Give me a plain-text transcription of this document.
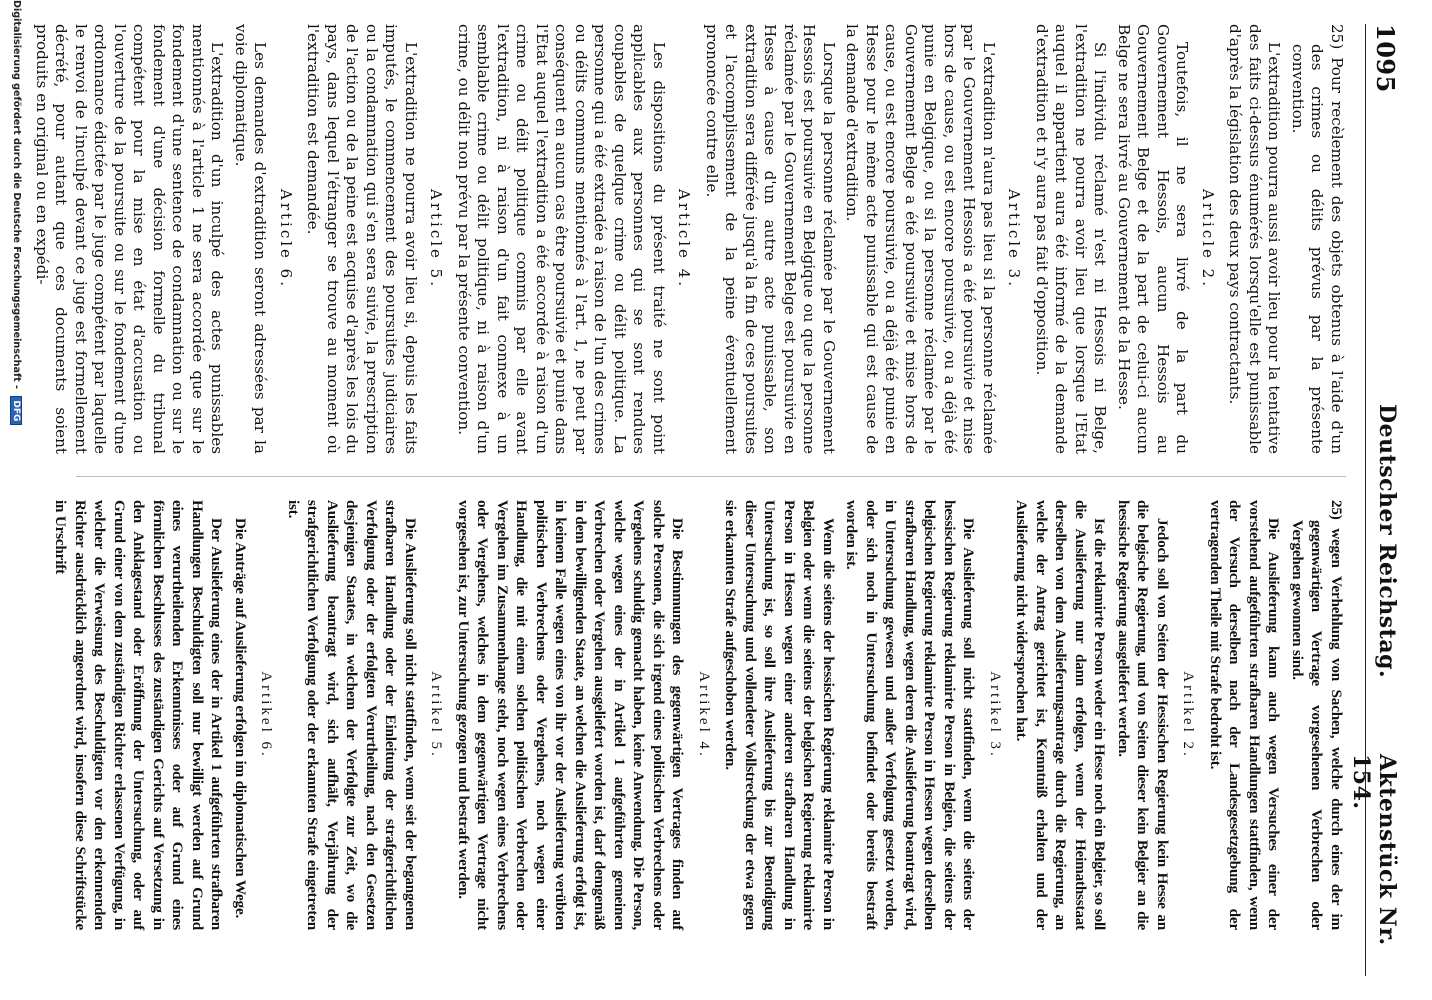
1095
Deutscher Reichstag.
Aktenstück Nr. 154.

25) Pour recèlement des objets obtenus à l'aide d'un des crimes ou délits prévus par la présente convention.

L'extradition pourra aussi avoir lieu pour la tentative des faits ci-dessus énumérés lorsqu'elle est punissable d'après la législation des deux pays contractants.

Article 2.

Toutefois, il ne sera livré de la part du Gouvernement Hessois, aucun Hessois au Gouvernement Belge et de la part de celui-ci aucun Belge ne sera livré au Gouvernement de la Hesse.

Si l'individu réclamé n'est ni Hessois ni Belge, l'extradition ne pourra avoir lieu que lorsque l'Etat auquel il appartient aura été informé de la demande d'extradition et n'y aura pas fait d'opposition.

Article 3.

L'extradition n'aura pas lieu si la personne réclamée par le Gouvernement Hessois a été poursuivie et mise hors de cause, ou est encore poursuivie, ou a déjà été punie en Belgique, ou si la personne réclamée par le Gouvernement Belge a été poursuivie et mise hors de cause, ou est encore poursuivie, ou a déjà été punie en Hesse pour le même acte punissable qui est cause de la demande d'extradition.

Lorsque la personne réclamée par le Gouvernement Hessois est poursuivie en Belgique ou que la personne réclamée par le Gouvernement Belge est poursuivie en Hesse à cause d'un autre acte punissable, son extradition sera différée jusqu'à la fin de ces poursuites et l'accomplissement de la peine éventuellement prononcée contre elle.

Article 4.

Les dispositions du présent traité ne sont point applicables aux personnes qui se sont rendues coupables de quelque crime ou délit politique. La personne qui a été extradée à raison de l'un des crimes ou délits communs mentionnés à l'art. 1, ne peut par conséquent en aucun cas être poursuivie et punie dans l'Etat auquel l'extradition a été accordée à raison d'un crime ou délit politique commis par elle avant l'extradition, ni à raison d'un fait connexe à un semblable crime ou délit politique, ni à raison d'un crime, ou délit non prévu par la présente convention.

Article 5.

L'extradition ne pourra avoir lieu si, depuis les faits imputés, le commencement des poursuites judiciaires ou la condamnation qui s'en sera suivie, la prescription de l'action ou de la peine est acquise d'après les lois du pays, dans lequel l'étranger se trouve au moment où l'extradition est demandée.

Article 6.

Les demandes d'extradition seront adressées par la voie diplomatique.

L'extradition d'un inculpé des actes punissables mentionnés à l'article 1 ne sera accordée que sur le fondement d'une sentence de condamnation ou sur le fondement d'une décision formelle du tribunal compétent pour la mise en état d'accusation ou l'ouverture de la poursuite ou sur le fondement d'une ordonnance édictée par le juge compétent par laquelle le renvoi de l'inculpé devant ce juge est formellement décrété, pour autant que ces documents soient produits en original ou en expédi-

25) wegen Verhehlung von Sachen, welche durch eines der im gegenwärtigen Vertrage vorgesehenen Verbrechen oder Vergehen gewonnen sind.

Die Auslieferung kann auch wegen Versuches einer der vorstehend aufgeführten strafbaren Handlungen stattfinden, wenn der Versuch derselben nach der Landesgesetzgebung der vertragenden Theile mit Strafe bedroht ist.

Artikel 2.

Jedoch soll von Seiten der Hessischen Regierung kein Hesse an die belgische Regierung, und von Seiten dieser kein Belgier an die hessische Regierung ausgeliefert werden.

Ist die reklamirte Person weder ein Hesse noch ein Belgier, so soll die Auslieferung nur dann erfolgen, wenn der Heimathsstaat derselben von dem Auslieferungsantrage durch die Regierung, an welche der Antrag gerichtet ist, Kenntniß erhalten und der Auslieferung nicht widersprochen hat.

Artikel 3.

Die Auslieferung soll nicht stattfinden, wenn die seitens der hessischen Regierung reklamirte Person in Belgien, die seitens der belgischen Regierung reklamirte Person in Hessen wegen derselben strafbaren Handlung, wegen deren die Auslieferung beantragt wird, in Untersuchung gewesen und außer Verfolgung gesetzt worden, oder sich noch in Untersuchung befindet oder bereits bestraft worden ist.

Wenn die seitens der hessischen Regierung reklamirte Person in Belgien oder wenn die seitens der belgischen Regierung reklamirte Person in Hessen wegen einer anderen strafbaren Handlung in Untersuchung ist, so soll ihre Auslieferung bis zur Beendigung dieser Untersuchung und vollendeter Vollstreckung der etwa gegen sie erkannten Strafe aufgeschoben werden.

Artikel 4.

Die Bestimmungen des gegenwärtigen Vertrages finden auf solche Personen, die sich irgend eines politischen Verbrechens oder Vergehens schuldig gemacht haben, keine Anwendung. Die Person, welche wegen eines der in Artikel 1 aufgeführten gemeinen Verbrechen oder Vergehen ausgeliefert worden ist, darf demgemäß in dem bewilligenden Staate, an welchen die Auslieferung erfolgt ist, in keinem Falle wegen eines von ihr vor der Auslieferung verübten politischen Verbrechens oder Vergehens, noch wegen einer Handlung, die mit einem solchen politischen Verbrechen oder Vergehen im Zusammenhange steht, noch wegen eines Verbrechens oder Vergehens, welches in dem gegenwärtigen Vertrage nicht vorgesehen ist, zur Untersuchung gezogen und bestraft werden.

Artikel 5.

Die Auslieferung soll nicht stattfinden, wenn seit der begangenen strafbaren Handlung oder der Einleitung der strafgerichtlichen Verfolgung oder der erfolgten Verurtheilung, nach den Gesetzen desjenigen Staates, in welchem der Verfolgte zur Zeit, wo die Auslieferung beantragt wird, sich aufhält, Verjährung der strafgerichtlichen Verfolgung oder der erkannten Strafe eingetreten ist.

Artikel 6.

Die Anträge auf Auslieferung erfolgen im diplomatischen Wege.

Der Auslieferung eines der in Artikel 1 aufgeführten strafbaren Handlungen Beschuldigten soll nur bewilligt werden auf Grund eines verurtheilenden Erkenntnisses oder auf Grund eines förmlichen Beschlusses des zuständigen Gerichts auf Versetzung in den Anklagestand oder Eröffnung der Untersuchung, oder auf Grund einer von dem zuständigen Richter erlassenen Verfügung, in welcher die Verweisung des Beschuldigten vor den erkennenden Richter ausdrücklich angeordnet wird, insofern diese Schriftstücke in Urschrift

Digitalisierung gefördert durch die Deutsche Forschungsgemeinschaft - DFG
